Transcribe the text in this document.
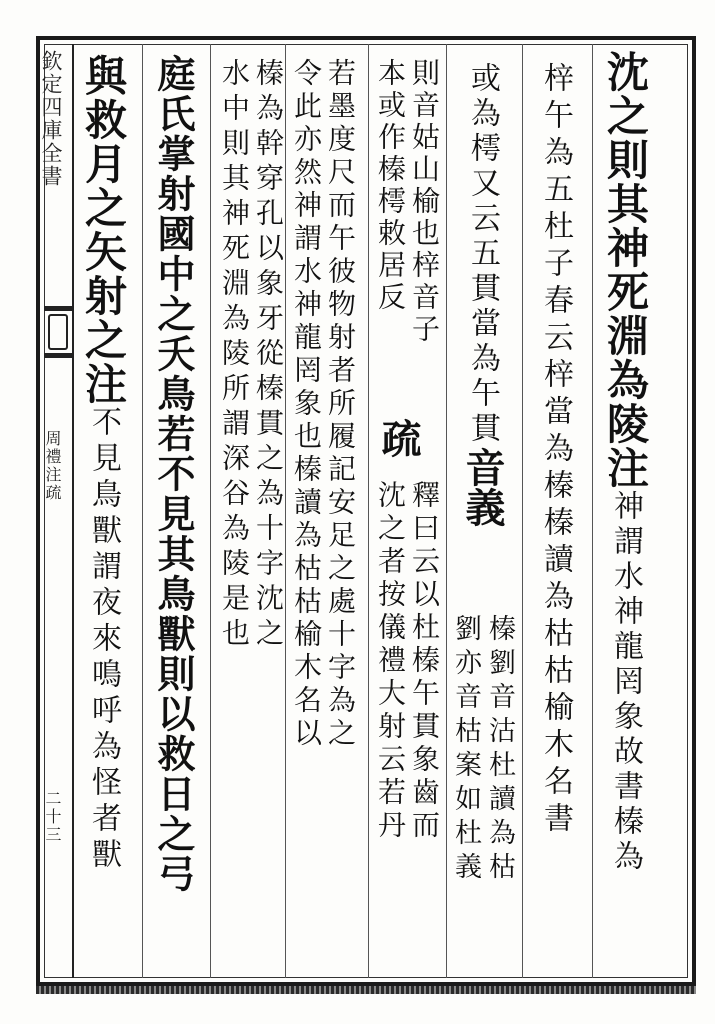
欽定四庫全書
周禮注疏
二十三
沈之則其神死淵為陵注神謂水神龍罔象故書榛為
梓午為五杜子春云梓當為榛榛讀為枯枯榆木名書
或為樗又云五貫當為午貫音義
榛劉音沽杜讀為枯
劉亦音枯案如杜義
則音姑山榆也梓音子
本或作榛樗敕居反
疏
釋曰云以杜榛午貫象齒而
沈之者按儀禮大射云若丹
若墨度尺而午彼物射者所履記安足之處十字為之
令此亦然神謂水神龍罔象也榛讀為枯枯榆木名以
榛為幹穿孔以象牙從榛貫之為十字沈之
水中則其神死淵為陵所謂深谷為陵是也
庭氏掌射國中之夭鳥若不見其鳥獸則以救日之弓
與救月之矢射之注不見鳥獸謂夜來鳴呼為怪者獸
